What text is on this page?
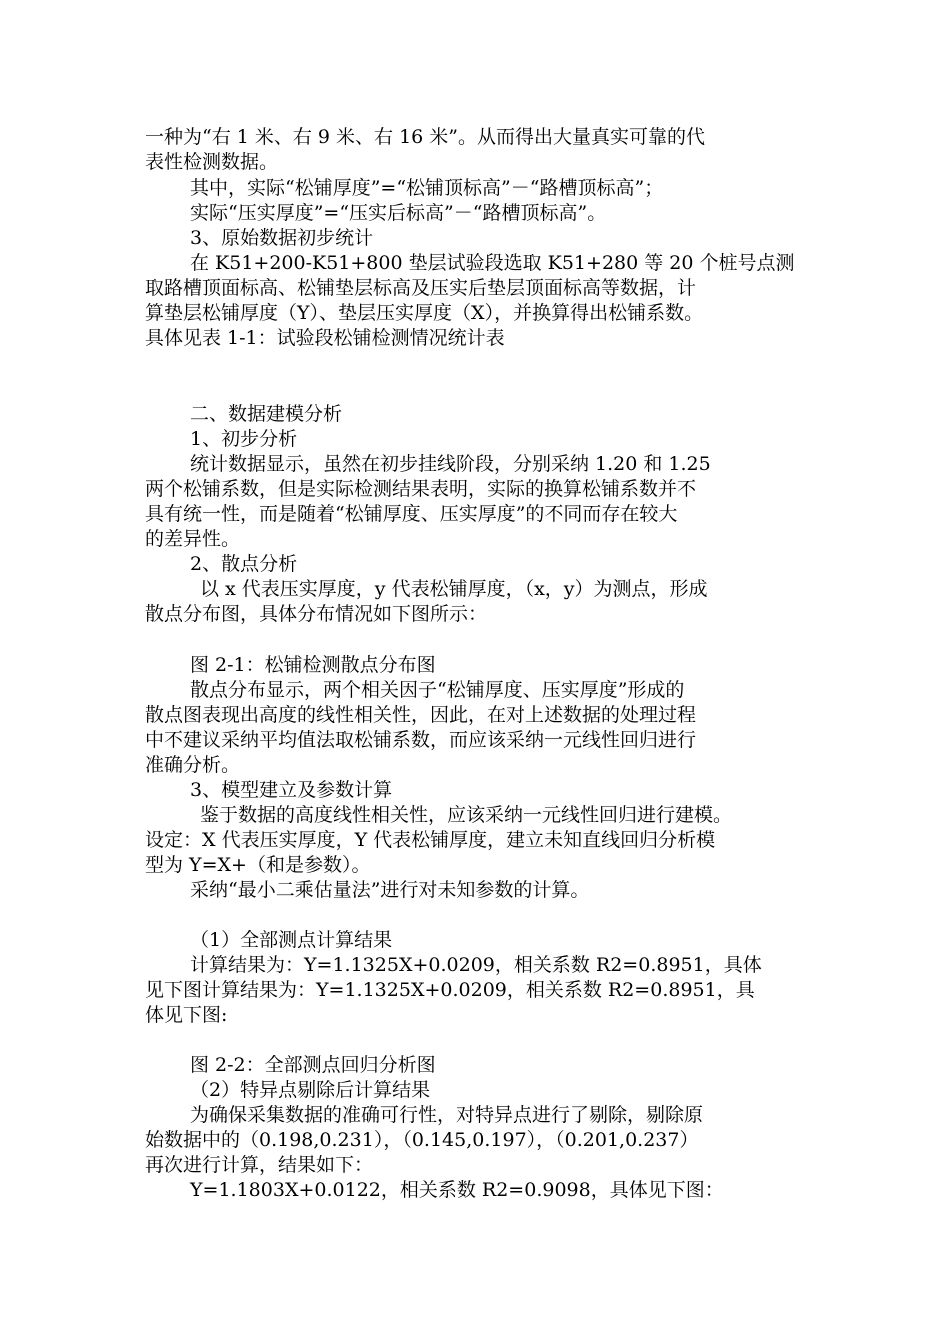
一种为“右 1 米、右 9 米、右 16 米”。从而得出大量真实可靠的代
表性检测数据。
其中，实际“松铺厚度”=“松铺顶标高”－“路槽顶标高”；
实际“压实厚度”=“压实后标高”－“路槽顶标高”。
3、原始数据初步统计
在 K51+200-K51+800 垫层试验段选取 K51+280 等 20 个桩号点测
取路槽顶面标高、松铺垫层标高及压实后垫层顶面标高等数据，计
算垫层松铺厚度（Y）、垫层压实厚度（X），并换算得出松铺系数。
具体见表 1-1：试验段松铺检测情况统计表
二、数据建模分析
1、初步分析
统计数据显示，虽然在初步挂线阶段，分别采纳 1.20 和 1.25
两个松铺系数，但是实际检测结果表明，实际的换算松铺系数并不
具有统一性，而是随着“松铺厚度、压实厚度”的不同而存在较大
的差异性。
2、散点分析
以 x 代表压实厚度，y 代表松铺厚度，（x，y）为测点，形成
散点分布图，具体分布情况如下图所示：
图 2-1：松铺检测散点分布图
散点分布显示，两个相关因子“松铺厚度、压实厚度”形成的
散点图表现出高度的线性相关性，因此，在对上述数据的处理过程
中不建议采纳平均值法取松铺系数，而应该采纳一元线性回归进行
准确分析。
3、模型建立及参数计算
鉴于数据的高度线性相关性，应该采纳一元线性回归进行建模。
设定：X 代表压实厚度，Y 代表松铺厚度，建立未知直线回归分析模
型为 Y=X+（和是参数）。
采纳“最小二乘估量法”进行对未知参数的计算。
（1）全部测点计算结果
计算结果为：Y=1.1325X+0.0209，相关系数 R2=0.8951，具体
见下图计算结果为：Y=1.1325X+0.0209，相关系数 R2=0.8951，具
体见下图:
图 2-2：全部测点回归分析图
（2）特异点剔除后计算结果
为确保采集数据的准确可行性，对特异点进行了剔除，剔除原
始数据中的（0.198,0.231），（0.145,0.197），（0.201,0.237）
再次进行计算，结果如下：
Y=1.1803X+0.0122，相关系数 R2=0.9098，具体见下图：
